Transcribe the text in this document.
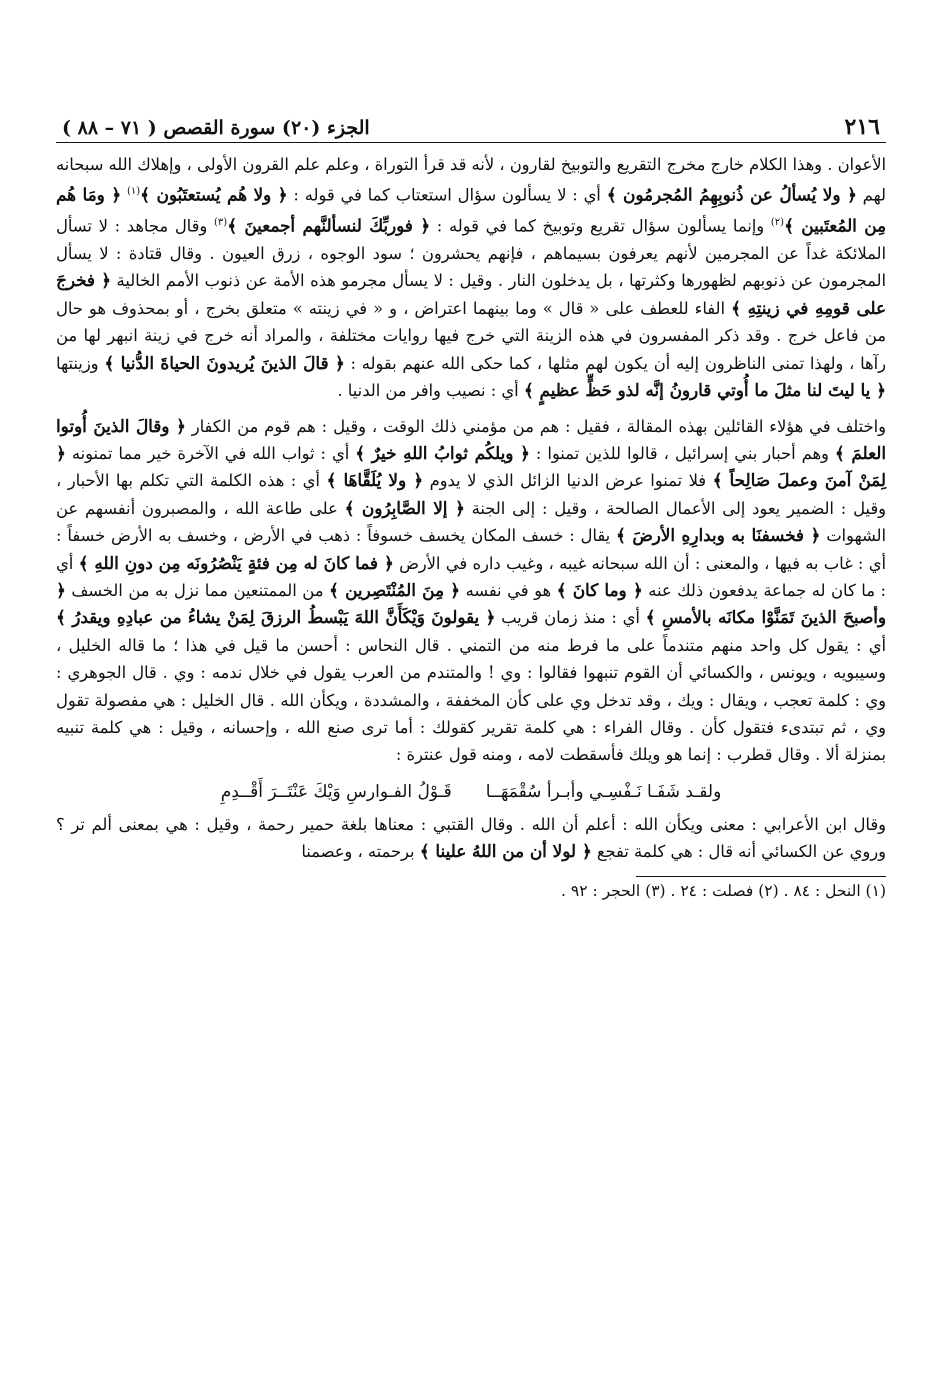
٢١٦
الجزء (٢٠) سورة القصص ( ٧١ – ٨٨ )

الأعوان . وهذا الكلام خارج مخرج التقريع والتوبيخ لقارون ، لأنه قد قرأ التوراة ، وعلم علم القرون الأولى ، وإهلاك الله سبحانه لهم ﴿ ولا يُسألُ عن ذُنوبِهِمُ المُجرمُون ﴾ أي : لا يسألون سؤال استعتاب كما في قوله : ﴿ ولا هُم يُستعتَبُون ﴾$^{(١)}$ ﴿ ومَا هُم مِن المُعتَبين ﴾$^{(٢)}$ وإنما يسألون سؤال تقريع وتوبيخ كما في قوله : ﴿ فوربِّكَ لنسألنَّهم أجمعينَ ﴾$^{(٣)}$ وقال مجاهد : لا تسأل الملائكة غداً عن المجرمين لأنهم يعرفون بسيماهم ، فإنهم يحشرون ؛ سود الوجوه ، زرق العيون . وقال قتادة : لا يسأل المجرمون عن ذنوبهم لظهورها وكثرتها ، بل يدخلون النار . وقيل : لا يسأل مجرمو هذه الأمة عن ذنوب الأمم الخالية ﴿ فخرجَ على قومِهِ في زينتِهِ ﴾ الفاء للعطف على « قال » وما بينهما اعتراض ، و « في زينته » متعلق بخرج ، أو بمحذوف هو حال من فاعل خرج . وقد ذكر المفسرون في هذه الزينة التي خرج فيها روايات مختلفة ، والمراد أنه خرج في زينة انبهر لها من رآها ، ولهذا تمنى الناظرون إليه أن يكون لهم مثلها ، كما حكى الله عنهم بقوله : ﴿ قالَ الذينَ يُريدونَ الحياةَ الدُّنيا ﴾ وزينتها ﴿ يا ليتَ لنا مثلَ ما أُوتي قارونُ إنَّه لذو حَظٍّ عظيمٍ ﴾ أي : نصيب وافر من الدنيا .

واختلف في هؤلاء القائلين بهذه المقالة ، فقيل : هم من مؤمني ذلك الوقت ، وقيل : هم قوم من الكفار ﴿ وقالَ الذينَ أُوتوا العلمَ ﴾ وهم أحبار بني إسرائيل ، قالوا للذين تمنوا : ﴿ ويلكُم ثوابُ اللهِ خيرٌ ﴾ أي : ثواب الله في الآخرة خير مما تمنونه ﴿ لِمَنْ آمنَ وعملَ صَالِحاً ﴾ فلا تمنوا عرض الدنيا الزائل الذي لا يدوم ﴿ ولا يُلَقَّاهَا ﴾ أي : هذه الكلمة التي تكلم بها الأحبار ، وقيل : الضمير يعود إلى الأعمال الصالحة ، وقيل : إلى الجنة ﴿ إلا الصَّابِرُون ﴾ على طاعة الله ، والمصبرون أنفسهم عن الشهوات ﴿ فخسفنَا به وبدارِهِ الأرضَ ﴾ يقال : خسف المكان يخسف خسوفاً : ذهب في الأرض ، وخسف به الأرض خسفاً : أي : غاب به فيها ، والمعنى : أن الله سبحانه غيبه ، وغيب داره في الأرض ﴿ فما كانَ له مِن فئةٍ يَنْصُرُونَه مِن دونِ اللهِ ﴾ أي : ما كان له جماعة يدفعون ذلك عنه ﴿ وما كانَ ﴾ هو في نفسه ﴿ مِنَ المُنْتَصِرين ﴾ من الممتنعين مما نزل به من الخسف ﴿ وأصبحَ الذينَ تَمَنَّوْا مكانَه بالأمسِ ﴾ أي : منذ زمان قريب ﴿ يقولونَ وَيْكَأَنَّ اللهَ يَبْسطُ الرزقَ لِمَنْ يشاءُ من عبادِهِ ويقدرُ ﴾ أي : يقول كل واحد منهم متندماً على ما فرط منه من التمني . قال النحاس : أحسن ما قيل في هذا ؛ ما قاله الخليل ، وسيبويه ، ويونس ، والكسائي أن القوم تنبهوا فقالوا : وي ! والمتندم من العرب يقول في خلال ندمه : وي . قال الجوهري : وي : كلمة تعجب ، ويقال : ويك ، وقد تدخل وي على كأن المخففة ، والمشددة ، ويكأن الله . قال الخليل : هي مفصولة تقول وي ، ثم تبتدىء فتقول كأن . وقال الفراء : هي كلمة تقرير كقولك : أما ترى صنع الله ، وإحسانه ، وقيل : هي كلمة تنبيه بمنزلة ألا . وقال قطرب : إنما هو ويلك فأسقطت لامه ، ومنه قول عنترة :

ولقـد شَفَـا نَـفْسِـي وأبـرأ سُقْمَهَــا
قَـوْلُ الفـوارسِ وَيْكَ عَنْتَــرَ أَقْــدِمِ

وقال ابن الأعرابي : معنى ويكأن الله : أعلم أن الله . وقال القتبي : معناها بلغة حمير رحمة ، وقيل : هي بمعنى ألم تر ؟ وروي عن الكسائي أنه قال : هي كلمة تفجع ﴿ لولا أن من اللهُ علينا ﴾ برحمته ، وعصمنا

(١) النحل : ٨٤ . (٢) فصلت : ٢٤ . (٣) الحجر : ٩٢ .
